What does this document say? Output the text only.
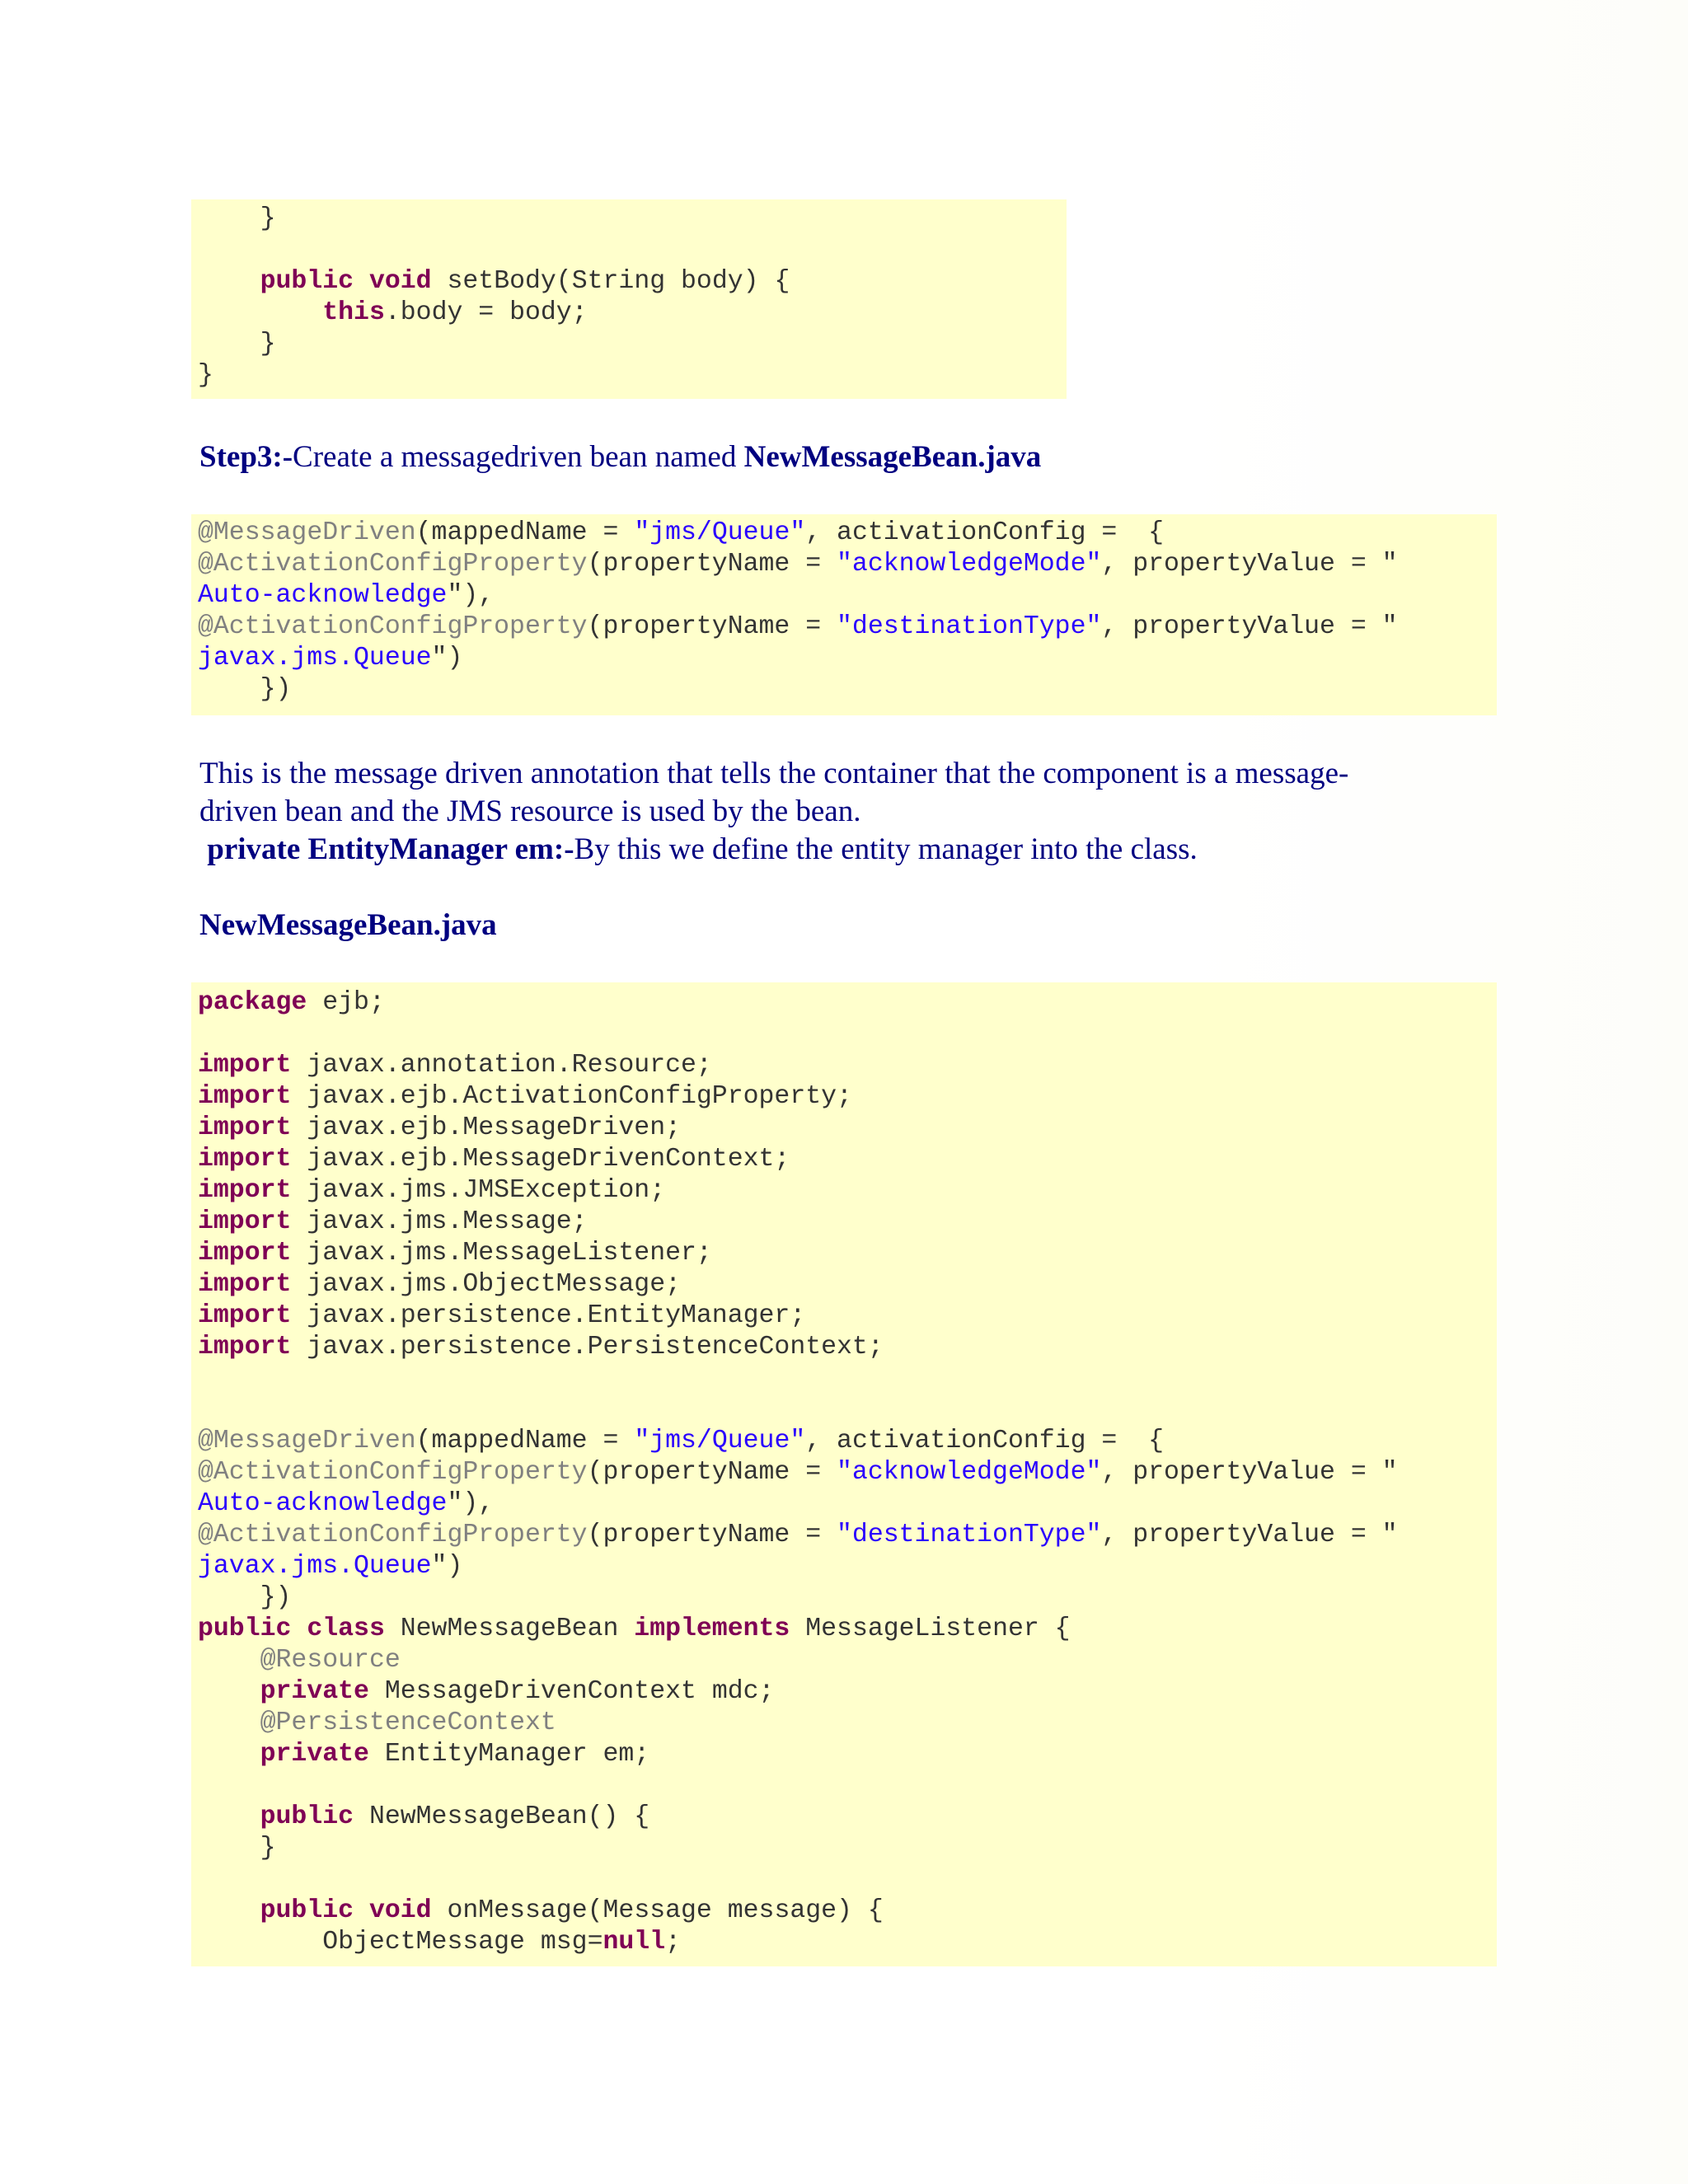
}

public void setBody(String body) {
this.body = body;
}
}
Step3:-Create a messagedriven bean named NewMessageBean.java
@MessageDriven(mappedName = "jms/Queue", activationConfig =  {
@ActivationConfigProperty(propertyName = "acknowledgeMode", propertyValue = "
Auto-acknowledge"),
@ActivationConfigProperty(propertyName = "destinationType", propertyValue = "
javax.jms.Queue")
})
This is the message driven annotation that tells the container that the component is a message-
driven bean and the JMS resource is used by the bean.
private EntityManager em:-By this we define the entity manager into the class.
NewMessageBean.java
package ejb;

import javax.annotation.Resource;
import javax.ejb.ActivationConfigProperty;
import javax.ejb.MessageDriven;
import javax.ejb.MessageDrivenContext;
import javax.jms.JMSException;
import javax.jms.Message;
import javax.jms.MessageListener;
import javax.jms.ObjectMessage;
import javax.persistence.EntityManager;
import javax.persistence.PersistenceContext;

@MessageDriven(mappedName = "jms/Queue", activationConfig =  {
@ActivationConfigProperty(propertyName = "acknowledgeMode", propertyValue = "
Auto-acknowledge"),
@ActivationConfigProperty(propertyName = "destinationType", propertyValue = "
javax.jms.Queue")
})
public class NewMessageBean implements MessageListener {
@Resource
private MessageDrivenContext mdc;
@PersistenceContext
private EntityManager em;

public NewMessageBean() {
}

public void onMessage(Message message) {
ObjectMessage msg=null;
